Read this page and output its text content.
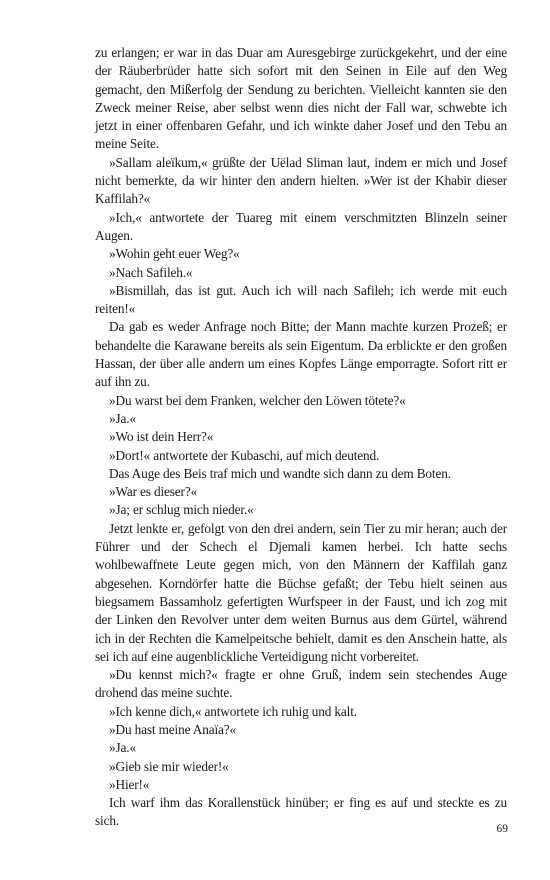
zu erlangen; er war in das Duar am Auresgebirge zurückgekehrt, und der eine der Räuberbrüder hatte sich sofort mit den Seinen in Eile auf den Weg gemacht, den Mißerfolg der Sendung zu berichten. Vielleicht kannten sie den Zweck meiner Reise, aber selbst wenn dies nicht der Fall war, schwebte ich jetzt in einer offenbaren Gefahr, und ich winkte daher Josef und den Tebu an meine Seite.

»Sallam aleïkum,« grüßte der Uëlad Sliman laut, indem er mich und Josef nicht bemerkte, da wir hinter den andern hielten. »Wer ist der Khabir dieser Kaffilah?«

»Ich,« antwortete der Tuareg mit einem verschmitzten Blinzeln seiner Augen.

»Wohin geht euer Weg?«

»Nach Safileh.«

»Bismillah, das ist gut. Auch ich will nach Safileh; ich werde mit euch reiten!«

Da gab es weder Anfrage noch Bitte; der Mann machte kurzen Prozeß; er behandelte die Karawane bereits als sein Eigentum. Da erblickte er den großen Hassan, der über alle andern um eines Kopfes Länge emporragte. Sofort ritt er auf ihn zu.

»Du warst bei dem Franken, welcher den Löwen tötete?«

»Ja.«

»Wo ist dein Herr?«

»Dort!« antwortete der Kubaschi, auf mich deutend.

Das Auge des Beis traf mich und wandte sich dann zu dem Boten.

»War es dieser?«

»Ja; er schlug mich nieder.«

Jetzt lenkte er, gefolgt von den drei andern, sein Tier zu mir heran; auch der Führer und der Schech el Djemali kamen herbei. Ich hatte sechs wohlbewaffnete Leute gegen mich, von den Männern der Kaffilah ganz abgesehen. Korndörfer hatte die Büchse gefaßt; der Tebu hielt seinen aus biegsamem Bassamholz gefertigten Wurfspeer in der Faust, und ich zog mit der Linken den Revolver unter dem weiten Burnus aus dem Gürtel, während ich in der Rechten die Kamelpeitsche behielt, damit es den Anschein hatte, als sei ich auf eine augenblickliche Verteidigung nicht vorbereitet.

»Du kennst mich?« fragte er ohne Gruß, indem sein stechendes Auge drohend das meine suchte.

»Ich kenne dich,« antwortete ich ruhig und kalt.

»Du hast meine Anaïa?«

»Ja.«

»Gieb sie mir wieder!«

»Hier!«

Ich warf ihm das Korallenstück hinüber; er fing es auf und steckte es zu sich.

69
